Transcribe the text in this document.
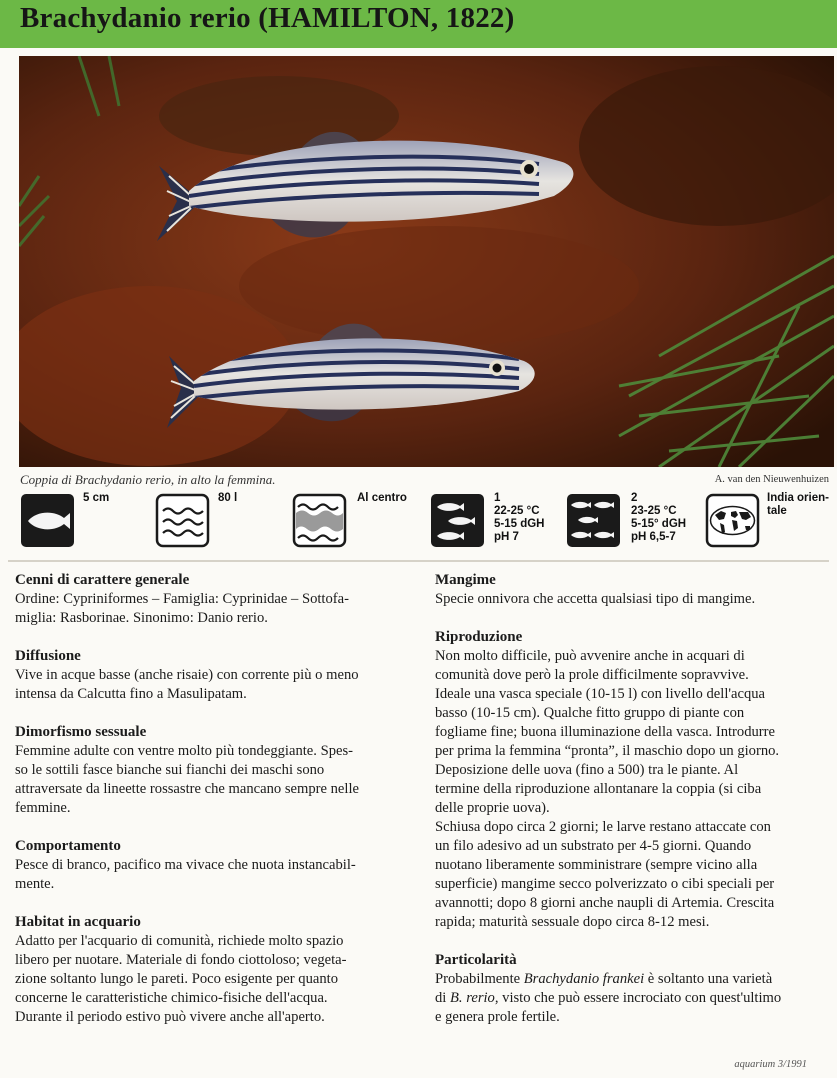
Brachydanio rerio (HAMILTON, 1822)
Coppia di Brachydanio rerio, in alto la femmina.	A. van den Nieuwenhuizen
5 cm	80 l	Al centro	1
22-25 °C
5-15 dGH
pH 7
2
23-25 °C
5-15° dGH
pH 6,5-7
India orien-
tale
Cenni di carattere generale

Ordine: Cypriniformes – Famiglia: Cyprinidae – Sottofa-
miglia: Rasborinae. Sinonimo: Danio rerio.

Diffusione

Vive in acque basse (anche risaie) con corrente più o meno
intensa da Calcutta fino a Masulipatam.

Dimorfismo sessuale

Femmine adulte con ventre molto più tondeggiante. Spes-
so le sottili fasce bianche sui fianchi dei maschi sono
attraversate da lineette rossastre che mancano sempre nelle
femmine.

Comportamento

Pesce di branco, pacifico ma vivace che nuota instancabil-
mente.

Habitat in acquario

Adatto per l'acquario di comunità, richiede molto spazio
libero per nuotare. Materiale di fondo ciottoloso; vegeta-
zione soltanto lungo le pareti. Poco esigente per quanto
concerne le caratteristiche chimico-fisiche dell'acqua.
Durante il periodo estivo può vivere anche all'aperto.

Mangime

Specie onnivora che accetta qualsiasi tipo di mangime.

Riproduzione

Non molto difficile, può avvenire anche in acquari di
comunità dove però la prole difficilmente sopravvive.
Ideale una vasca speciale (10-15 l) con livello dell'acqua
basso (10-15 cm). Qualche fitto gruppo di piante con
fogliame fine; buona illuminazione della vasca. Introdurre
per prima la femmina “pronta”, il maschio dopo un giorno.
Deposizione delle uova (fino a 500) tra le piante. Al
termine della riproduzione allontanare la coppia (si ciba
delle proprie uova).
Schiusa dopo circa 2 giorni; le larve restano attaccate con
un filo adesivo ad un substrato per 4-5 giorni. Quando
nuotano liberamente somministrare (sempre vicino alla
superficie) mangime secco polverizzato o cibi speciali per
avannotti; dopo 8 giorni anche naupli di Artemia. Crescita
rapida; maturità sessuale dopo circa 8-12 mesi.

Particolarità

Probabilmente Brachydanio frankei è soltanto una varietà
di B. rerio, visto che può essere incrociato con quest'ultimo
e genera prole fertile.

aquarium 3/1991
